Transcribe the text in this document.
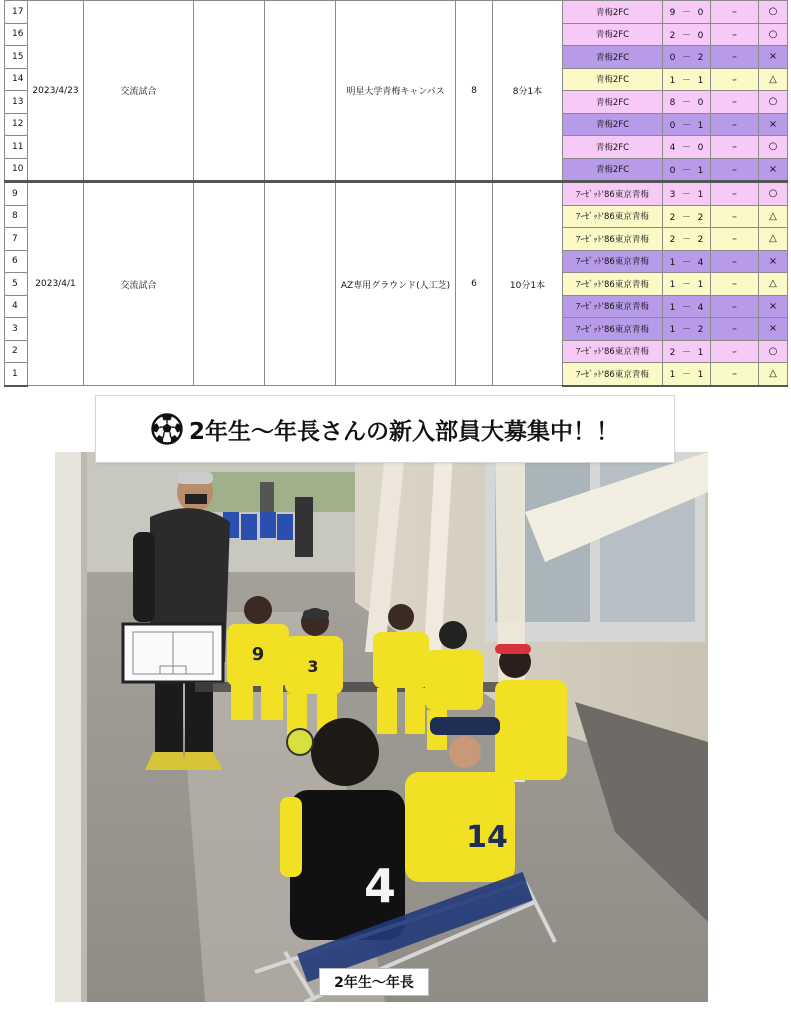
17	2023/4/23	交流試合			明星大学青梅キャンパス	8	8分1本	青梅2FC	9 － 0	ｰ	○
16								青梅2FC	2 － 0	ｰ	○
15								青梅2FC	0 － 2	ｰ	×
14								青梅2FC	1 － 1	ｰ	△
13								青梅2FC	8 － 0	ｰ	○
12								青梅2FC	0 － 1	ｰ	×
11								青梅2FC	4 － 0	ｰ	○
10								青梅2FC	0 － 1	ｰ	×
9	2023/4/1	交流試合			AZ専用グラウンド(人工芝)	6	10分1本	ｱｰｾﾞｯﾄ'86東京青梅	3 － 1	ｰ	○
8								ｱｰｾﾞｯﾄ'86東京青梅	2 － 2	ｰ	△
7								ｱｰｾﾞｯﾄ'86東京青梅	2 － 2	ｰ	△
6								ｱｰｾﾞｯﾄ'86東京青梅	1 － 4	ｰ	×
5								ｱｰｾﾞｯﾄ'86東京青梅	1 － 1	ｰ	△
4								ｱｰｾﾞｯﾄ'86東京青梅	1 － 4	ｰ	×
3								ｱｰｾﾞｯﾄ'86東京青梅	1 － 2	ｰ	×
2								ｱｰｾﾞｯﾄ'86東京青梅	2 － 1	ｰ	○
1								ｱｰｾﾞｯﾄ'86東京青梅	1 － 1	ｰ	△
2年生～年長さんの新入部員大募集中！！
9
3
14
4
2年生～年長
